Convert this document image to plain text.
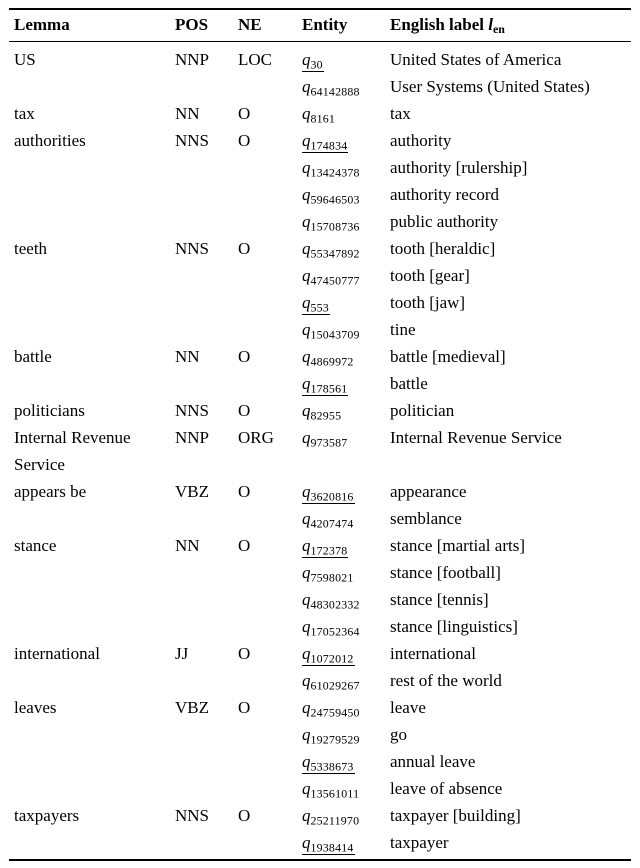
Lemma	POS	NE	Entity	English label $l_{en}$
US	NNP	LOC	$q_{30}$	United States of America
			$q_{64142888}$	User Systems (United States)
tax	NN	O	$q_{8161}$	tax
authorities	NNS	O	$q_{174834}$	authority
			$q_{13424378}$	authority [rulership]
			$q_{59646503}$	authority record
			$q_{15708736}$	public authority
teeth	NNS	O	$q_{55347892}$	tooth [heraldic]
			$q_{47450777}$	tooth [gear]
			$q_{553}$	tooth [jaw]
			$q_{15043709}$	tine
battle	NN	O	$q_{4869972}$	battle [medieval]
			$q_{178561}$	battle
politicians	NNS	O	$q_{82955}$	politician
Internal Revenue Service	NNP	ORG	$q_{973587}$	Internal Revenue Service
appears be	VBZ	O	$q_{3620816}$	appearance
			$q_{4207474}$	semblance
stance	NN	O	$q_{172378}$	stance [martial arts]
			$q_{7598021}$	stance [football]
			$q_{48302332}$	stance [tennis]
			$q_{17052364}$	stance [linguistics]
international	JJ	O	$q_{1072012}$	international
			$q_{61029267}$	rest of the world
leaves	VBZ	O	$q_{24759450}$	leave
			$q_{19279529}$	go
			$q_{5338673}$	annual leave
			$q_{13561011}$	leave of absence
taxpayers	NNS	O	$q_{25211970}$	taxpayer [building]
			$q_{1938414}$	taxpayer
